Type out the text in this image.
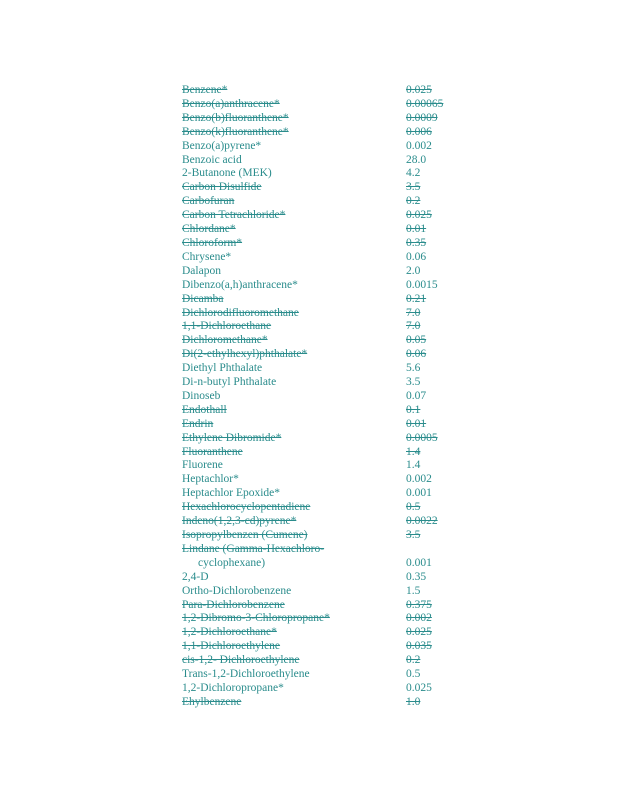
Benzene*	0.025
Benzo(a)anthracene*	0.00065
Benzo(b)fluoranthene*	0.0009
Benzo(k)fluoranthene*	0.006
Benzo(a)pyrene*	0.002
Benzoic acid	28.0
2-Butanone (MEK)	4.2
Carbon Disulfide	3.5
Carbofuran	0.2
Carbon Tetrachloride*	0.025
Chlordane*	0.01
Chloroform*	0.35
Chrysene*	0.06
Dalapon	2.0
Dibenzo(a,h)anthracene*	0.0015
Dicamba	0.21
Dichlorodifluoromethane	7.0
1,1-Dichloroethane	7.0
Dichloromethane*	0.05
Di(2-ethylhexyl)phthalate*	0.06
Diethyl Phthalate	5.6
Di-n-butyl Phthalate	3.5
Dinoseb	0.07
Endothall	0.1
Endrin	0.01
Ethylene Dibromide*	0.0005
Fluoranthene	1.4
Fluorene	1.4
Heptachlor*	0.002
Heptachlor Epoxide*	0.001
Hexachlorocyclopentadiene	0.5
Indeno(1,2,3-cd)pyrene*	0.0022
Isopropylbenzen (Cumene)	3.5
Lindane (Gamma-Hexachloro-
cyclophexane)	0.001
2,4-D	0.35
Ortho-Dichlorobenzene	1.5
Para-Dichlorobenzene	0.375
1,2-Dibromo-3-Chloropropane*	0.002
1,2-Dichloroethane*	0.025
1,1-Dichloroethylene	0.035
cis-1,2- Dichloroethylene	0.2
Trans-1,2-Dichloroethylene	0.5
1,2-Dichloropropane*	0.025
Ehylbenzene	1.0
